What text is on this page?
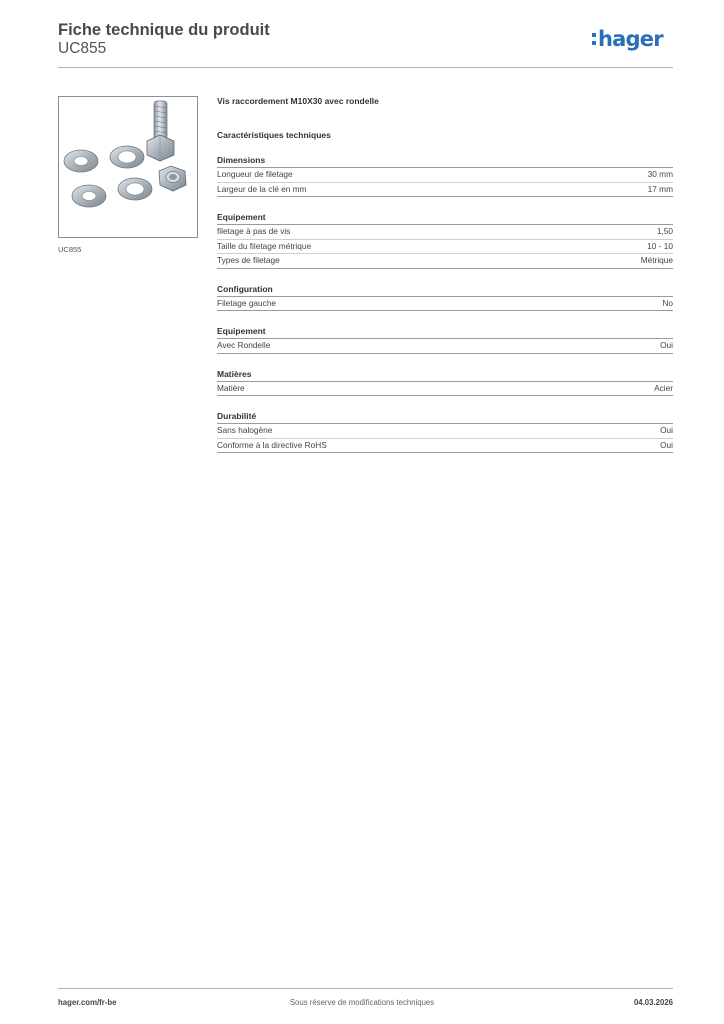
Fiche technique du produit
UC855	hager
UC855
Vis raccordement M10X30 avec rondelle
Caractéristiques techniques
Dimensions
Longueur de filetage	30 mm
Largeur de la clé en mm	17 mm
Equipement
filetage à pas de vis	1,50
Taille du filetage métrique	10 - 10
Types de filetage	Métrique
Configuration
Filetage gauche	No
Equipement
Avec Rondelle	Oui
Matières
Matière	Acier
Durabilité
Sans halogène	Oui
Conforme à la directive RoHS	Oui
hager.com/fr-be	Sous réserve de modifications techniques	04.03.2026
